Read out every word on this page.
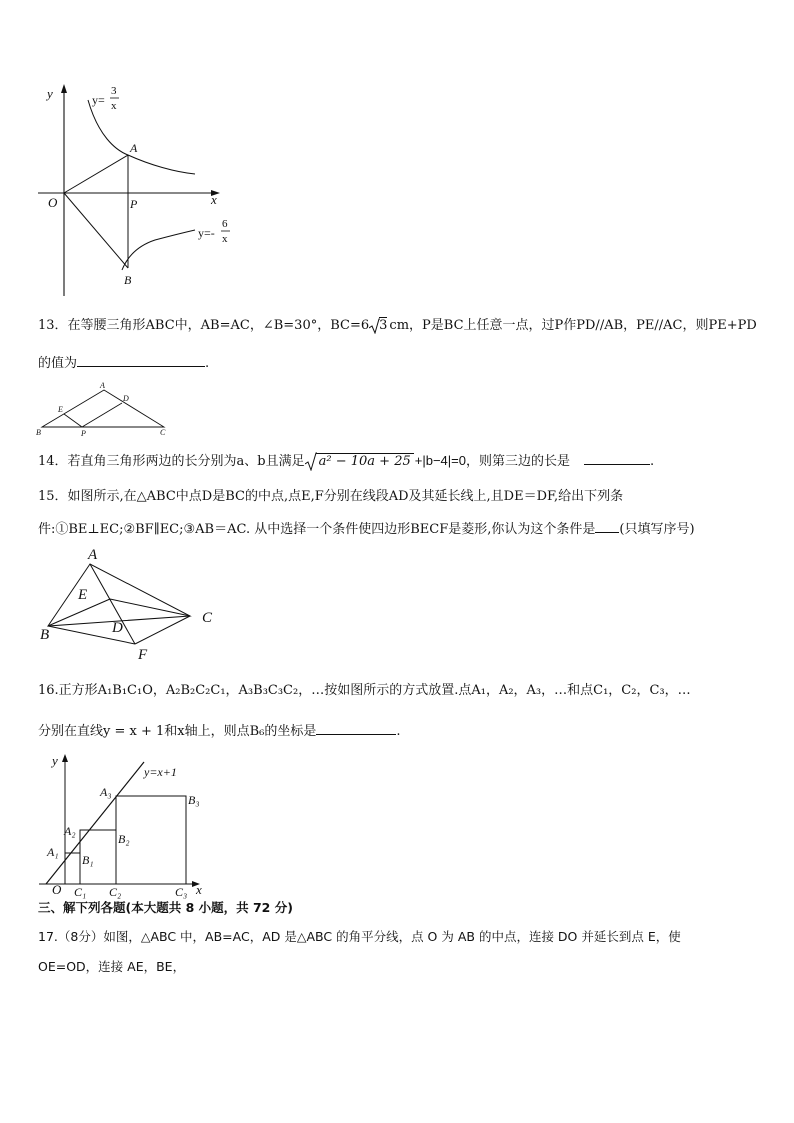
y
x
O
A
P
B
y=
3
x
y=-
6
x
13．在等腰三角形ABC中，AB=AC，∠B=30°，BC=6 3 cm，P是BC上任意一点，过P作PD//AB，PE//AC，则PE+PD
的值为	.
A
B	C
D
E
P
14．若直角三角形两边的长分别为a、b且满足 a² − 10a + 25 +|b−4|=0，则第三边的长是	.
15．如图所示,在△ABC中点D是BC的中点,点E,F分别在线段AD及其延长线上,且DE＝DF,给出下列条
件:①BE⊥EC;②BF∥EC;③AB＝AC. 从中选择一个条件使四边形BECF是菱形,你认为这个条件是 (只填写序号)
A
B
C
D
E
F
16.正方形A₁B₁C₁O，A₂B₂C₂C₁，A₃B₃C₃C₂，…按如图所示的方式放置.点A₁，A₂，A₃，…和点C₁，C₂，C₃，…
分别在直线y = x + 1和x轴上，则点B₆的坐标是	.
y
x
O
y=x+1
A₁
A₂
A₃
B₁
B₂
B₃
C₁ C₂	C₃
三、解下列各题(本大题共 8 小题，共 72 分)
17.（8分）如图，△ABC 中，AB=AC，AD 是△ABC 的角平分线，点 O 为 AB 的中点，连接 DO 并延长到点 E，使
OE=OD，连接 AE，BE，
